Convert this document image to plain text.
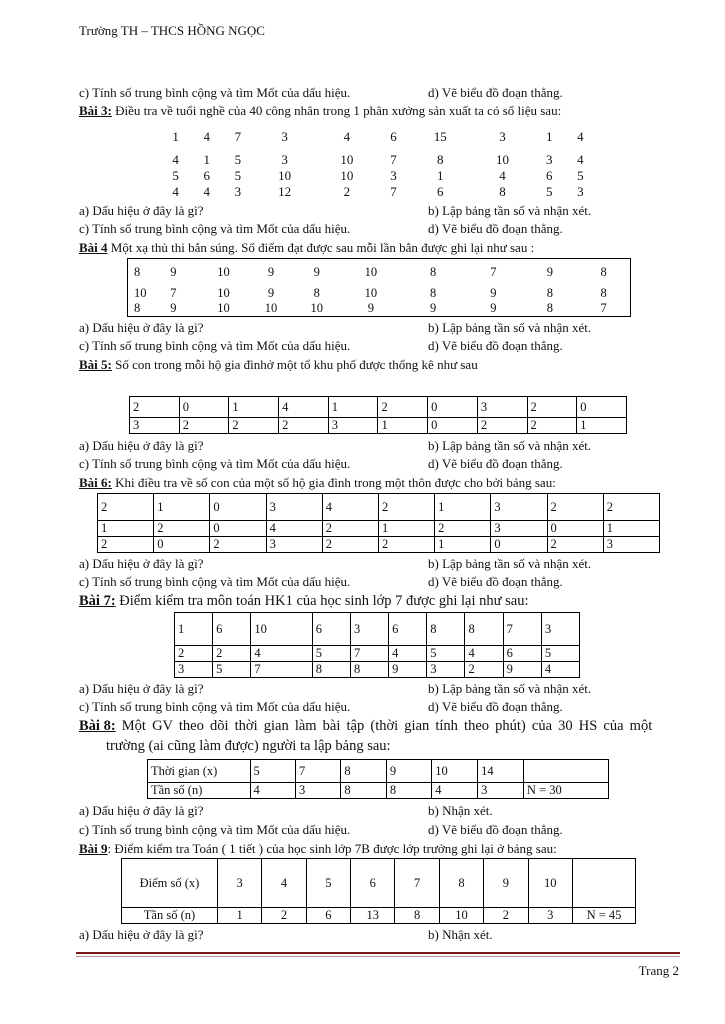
Trường TH – THCS HỒNG NGỌC
c) Tính số trung bình cộng và tìm Mốt của dấu hiệu.	d) Vẽ biểu đồ đoạn thẳng.
Bài 3: Điều tra về tuổi nghề của 40 công nhân trong 1 phân xưởng sản xuất ta có số liệu sau:
1	4	7	3	4	6	15	3	1	4
4	1	5	3	10	7	8	10	3	4
5	6	5	10	10	3	1	4	6	5
4	4	3	12	2	7	6	8	5	3
a) Dấu hiệu ở đây là gì?	b) Lập bảng tần số và nhận xét.
c) Tính số trung bình cộng và tìm Mốt của dấu hiệu.	d) Vẽ biểu đồ đoạn thẳng.
Bài 4 Một xạ thủ thi bắn súng. Số điểm đạt được sau mỗi lần bắn được ghi lại như sau :
8	9	10	9	9	10	8	7	9	8
10	7	10	9	8	10	8	9	8	8
8	9	10	10	10	9	9	9	8	7
a) Dấu hiệu ở đây là gì?	b) Lập bảng tần số và nhận xét.
c) Tính số trung bình cộng và tìm Mốt của dấu hiệu.	d) Vẽ biểu đồ đoạn thẳng.
Bài 5: Số con trong mỗi hộ gia đìnhở một tổ khu phố được thống kê như sau
2	0	1	4	1	2	0	3	2	0
3	2	2	2	3	1	0	2	2	1
a) Dấu hiệu ở đây là gì?	b) Lập bảng tần số và nhận xét.
c) Tính số trung bình cộng và tìm Mốt của dấu hiệu.	d) Vẽ biểu đồ đoạn thẳng.
Bài 6: Khi điều tra về số con của một số hộ gia đình trong một thôn được cho bởi bảng sau:
2	1	0	3	4	2	1	3	2	2
1	2	0	4	2	1	2	3	0	1
2	0	2	3	2	2	1	0	2	3
a) Dấu hiệu ở đây là gì?	b) Lập bảng tần số và nhận xét.
c) Tính số trung bình cộng và tìm Mốt của dấu hiệu.	d) Vẽ biểu đồ đoạn thẳng.
Bài 7: Điểm kiểm tra môn toán HK1 của học sinh lớp 7 được ghi lại như sau:
1	6	10	6	3	6	8	8	7	3
2	2	4	5	7	4	5	4	6	5
3	5	7	8	8	9	3	2	9	4
a) Dấu hiệu ở đây là gì?	b) Lập bảng tần số và nhận xét.
c) Tính số trung bình cộng và tìm Mốt của dấu hiệu.	d) Vẽ biểu đồ đoạn thẳng.
Bài 8: Một GV theo dõi thời gian làm bài tập (thời gian tính theo phút) của 30 HS của một
trường (ai cũng làm được) người ta lập bảng sau:
Thời gian (x)	5	7	8	9	10	14	
Tần số (n)	4	3	8	8	4	3	N = 30
a) Dấu hiệu ở đây là gì?	b) Nhận xét.
c) Tính số trung bình cộng và tìm Mốt của dấu hiệu.	d) Vẽ biểu đồ đoạn thẳng.
Bài 9: Điểm kiểm tra Toán ( 1 tiết ) của học sinh lớp 7B được lớp trưởng ghi lại ở bảng sau:
Điểm số (x)	3	4	5	6	7	8	9	10	
Tần số (n)	1	2	6	13	8	10	2	3	N = 45
a) Dấu hiệu ở đây là gì?	b) Nhận xét.
Trang 2
